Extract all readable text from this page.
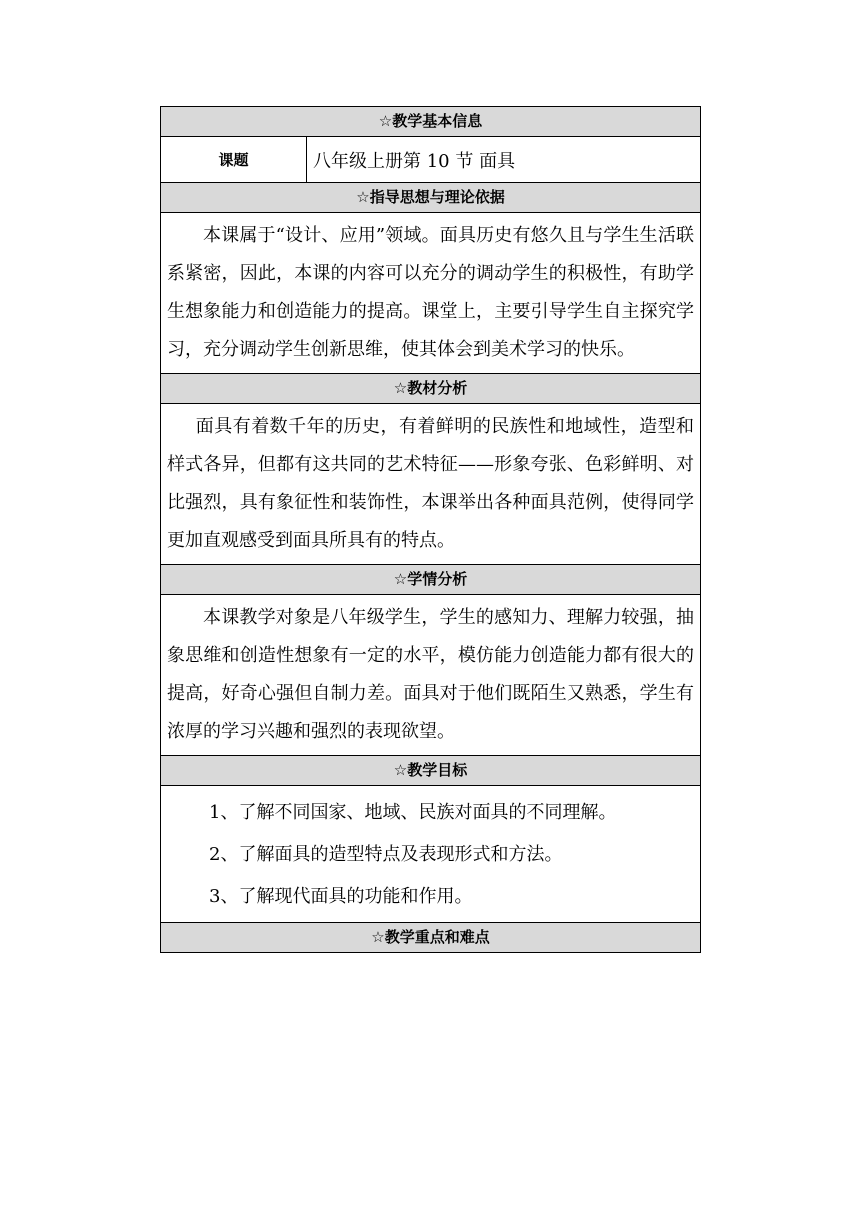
☆教学基本信息
课题	八年级上册第 10 节 面具
☆指导思想与理论依据

本课属于“设计、应用”领域。面具历史有悠久且与学生生活联系紧密，因此，本课的内容可以充分的调动学生的积极性，有助学生想象能力和创造能力的提高。课堂上，主要引导学生自主探究学习，充分调动学生创新思维，使其体会到美术学习的快乐。

☆教材分析

面具有着数千年的历史，有着鲜明的民族性和地域性，造型和样式各异，但都有这共同的艺术特征——形象夸张、色彩鲜明、对比强烈，具有象征性和装饰性，本课举出各种面具范例，使得同学更加直观感受到面具所具有的特点。

☆学情分析

本课教学对象是八年级学生，学生的感知力、理解力较强，抽象思维和创造性想象有一定的水平，模仿能力创造能力都有很大的提高，好奇心强但自制力差。面具对于他们既陌生又熟悉，学生有浓厚的学习兴趣和强烈的表现欲望。

☆教学目标

1、了解不同国家、地域、民族对面具的不同理解。
2、了解面具的造型特点及表现形式和方法。
3、了解现代面具的功能和作用。

☆教学重点和难点
